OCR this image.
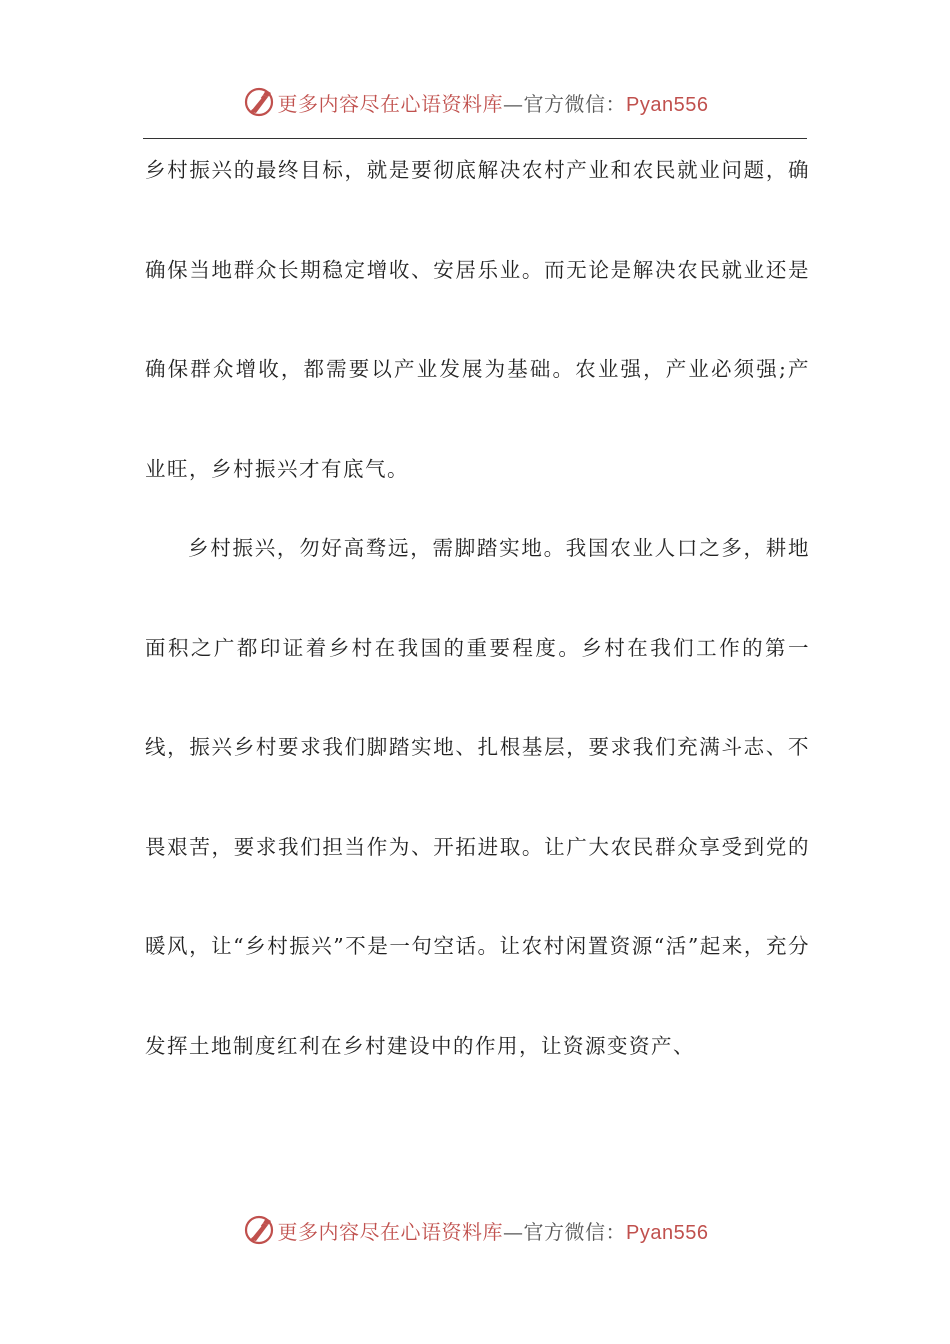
更多内容尽在心语资料库—官方微信：Pyan556

乡村振兴的最终目标，就是要彻底解决农村产业和农民就业问题，确确保当地群众长期稳定增收、安居乐业。而无论是解决农民就业还是确保群众增收，都需要以产业发展为基础。农业强，产业必须强;产业旺，乡村振兴才有底气。

乡村振兴，勿好高骛远，需脚踏实地。我国农业人口之多，耕地面积之广都印证着乡村在我国的重要程度。乡村在我们工作的第一线，振兴乡村要求我们脚踏实地、扎根基层，要求我们充满斗志、不畏艰苦，要求我们担当作为、开拓进取。让广大农民群众享受到党的暖风，让“乡村振兴”不是一句空话。让农村闲置资源“活”起来，充分发挥土地制度红利在乡村建设中的作用，让资源变资产、

更多内容尽在心语资料库—官方微信：Pyan556
